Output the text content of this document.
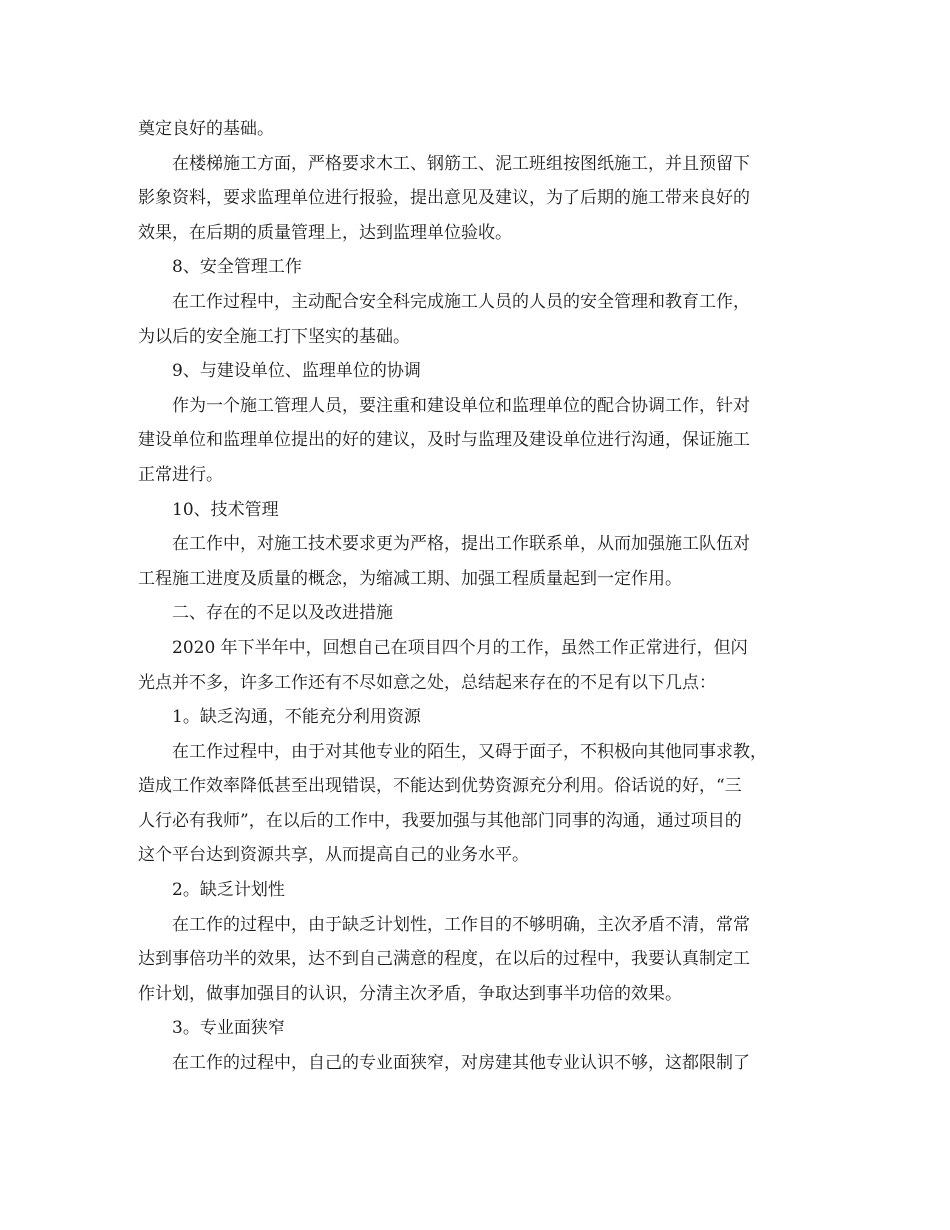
奠定良好的基础。
在楼梯施工方面，严格要求木工、钢筋工、泥工班组按图纸施工，并且预留下
影象资料，要求监理单位进行报验，提出意见及建议，为了后期的施工带来良好的
效果，在后期的质量管理上，达到监理单位验收。
8、安全管理工作
在工作过程中，主动配合安全科完成施工人员的人员的安全管理和教育工作，
为以后的安全施工打下坚实的基础。
9、与建设单位、监理单位的协调
作为一个施工管理人员，要注重和建设单位和监理单位的配合协调工作，针对
建设单位和监理单位提出的好的建议，及时与监理及建设单位进行沟通，保证施工
正常进行。
10、技术管理
在工作中，对施工技术要求更为严格，提出工作联系单，从而加强施工队伍对
工程施工进度及质量的概念，为缩减工期、加强工程质量起到一定作用。
二、存在的不足以及改进措施
2020 年下半年中，回想自己在项目四个月的工作，虽然工作正常进行，但闪
光点并不多，许多工作还有不尽如意之处，总结起来存在的不足有以下几点：
1。缺乏沟通，不能充分利用资源
在工作过程中，由于对其他专业的陌生，又碍于面子，不积极向其他同事求教，
造成工作效率降低甚至出现错误，不能达到优势资源充分利用。俗话说的好，“三
人行必有我师”，在以后的工作中，我要加强与其他部门同事的沟通，通过项目的
这个平台达到资源共享，从而提高自己的业务水平。
2。缺乏计划性
在工作的过程中，由于缺乏计划性，工作目的不够明确，主次矛盾不清，常常
达到事倍功半的效果，达不到自己满意的程度，在以后的过程中，我要认真制定工
作计划，做事加强目的认识，分清主次矛盾，争取达到事半功倍的效果。
3。专业面狭窄
在工作的过程中，自己的专业面狭窄，对房建其他专业认识不够，这都限制了
